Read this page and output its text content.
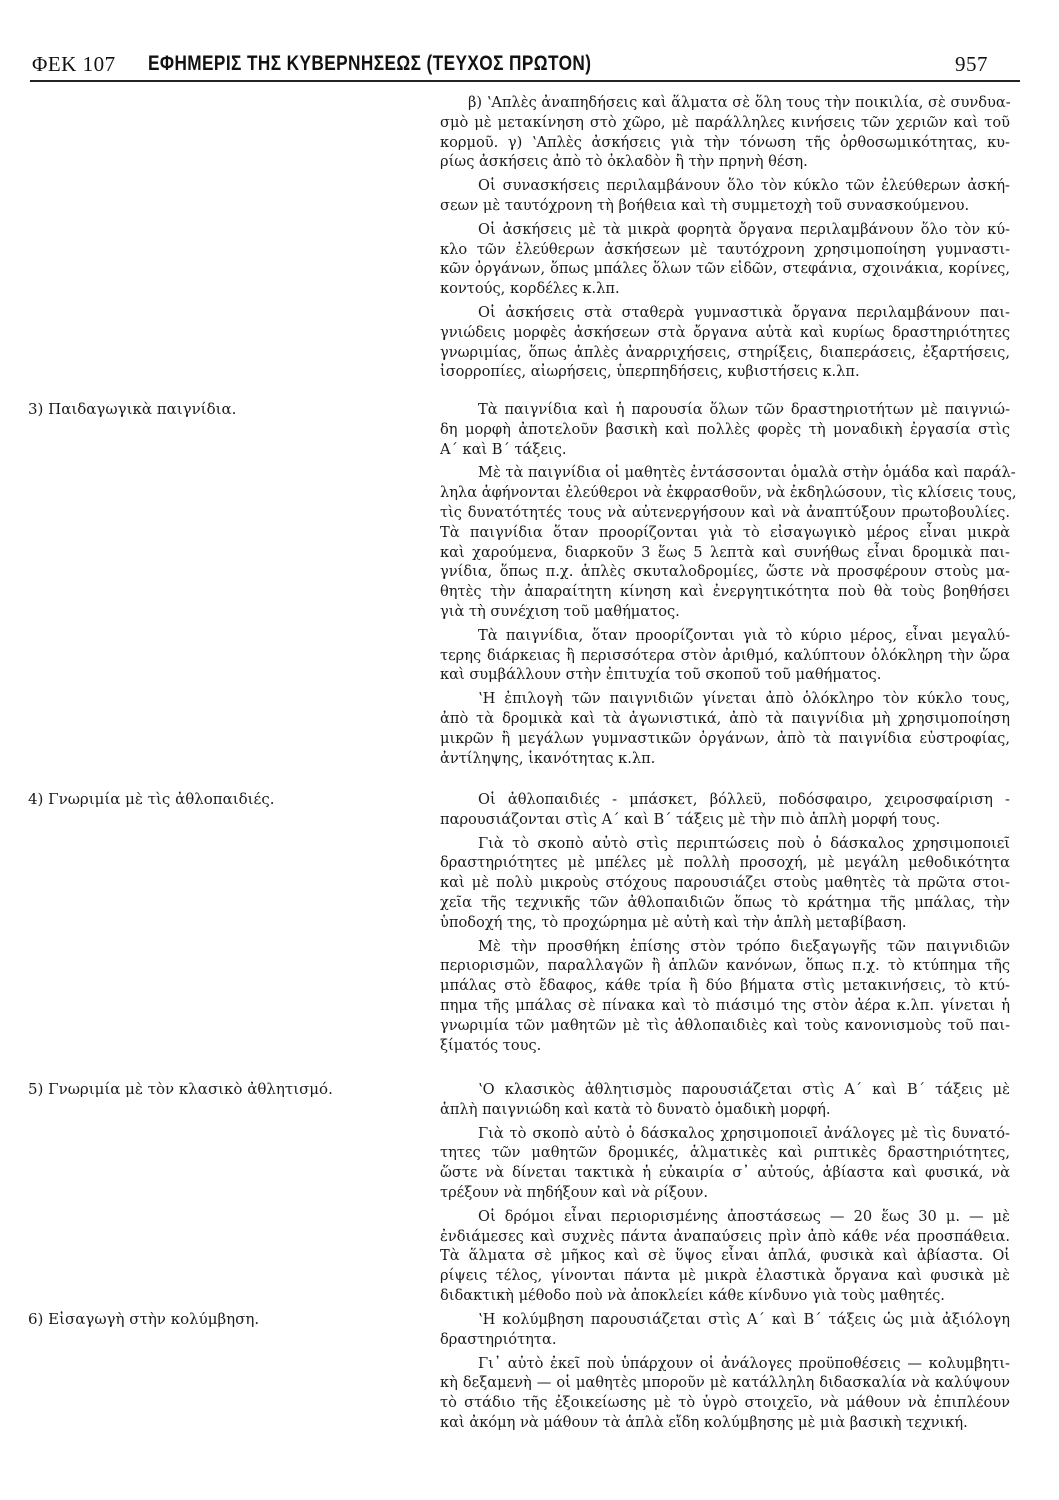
ΦΕΚ 107 ΕΦΗΜΕΡΙΣ ΤΗΣ ΚΥΒΕΡΝΗΣΕΩΣ (ΤΕΥΧΟΣ ΠΡΩΤΟΝ)	957
β) ʽΑπλὲς ἀναπηδήσεις καὶ ἅλματα σὲ ὅλη τους τὴν ποικιλία, σὲ συνδυα-
σμὸ μὲ μετακίνηση στὸ χῶρο, μὲ παράλληλες κινήσεις τῶν χεριῶν καὶ τοῦ
κορμοῦ. γ) ʽΑπλὲς ἀσκήσεις γιὰ τὴν τόνωση τῆς ὀρθοσωμικότητας, κυ-
ρίως ἀσκήσεις ἀπὸ τὸ ὀκλαδὸν ἢ τὴν πρηνὴ θέση.
Οἱ συνασκήσεις περιλαμβάνουν ὅλο τὸν κύκλο τῶν ἐλεύθερων ἀσκή-
σεων μὲ ταυτόχρονη τὴ βοήθεια καὶ τὴ συμμετοχὴ τοῦ συνασκούμενου.
Οἱ ἀσκήσεις μὲ τὰ μικρὰ φορητὰ ὄργανα περιλαμβάνουν ὅλο τὸν κύ-
κλο τῶν ἐλεύθερων ἀσκήσεων μὲ ταυτόχρονη χρησιμοποίηση γυμναστι-
κῶν ὀργάνων, ὅπως μπάλες ὅλων τῶν εἰδῶν, στεφάνια, σχοινάκια, κορίνες,
κοντούς, κορδέλες κ.λπ.
Οἱ ἀσκήσεις στὰ σταθερὰ γυμναστικὰ ὄργανα περιλαμβάνουν παι-
γνιώδεις μορφὲς ἀσκήσεων στὰ ὄργανα αὐτὰ καὶ κυρίως δραστηριότητες
γνωριμίας, ὅπως ἁπλὲς ἀναρριχήσεις, στηρίξεις, διαπεράσεις, ἐξαρτήσεις,
ἰσορροπίες, αἰωρήσεις, ὑπερπηδήσεις, κυβιστήσεις κ.λπ.
3) Παιδαγωγικὰ παιγνίδια.	Τὰ παιγνίδια καὶ ἡ παρουσία ὅλων τῶν δραστηριοτήτων μὲ παιγνιώ-
δη μορφὴ ἀποτελοῦν βασικὴ καὶ πολλὲς φορὲς τὴ μοναδικὴ ἐργασία στὶς
Α΄ καὶ Β΄ τάξεις.
Μὲ τὰ παιγνίδια οἱ μαθητὲς ἐντάσσονται ὁμαλὰ στὴν ὁμάδα καὶ παράλ-
ληλα ἀφήνονται ἐλεύθεροι νὰ ἐκφρασθοῦν, νὰ ἐκδηλώσουν, τὶς κλίσεις τους,
τὶς δυνατότητές τους νὰ αὐτενεργήσουν καὶ νὰ ἀναπτύξουν πρωτοβουλίες.
Τὰ παιγνίδια ὅταν προορίζονται γιὰ τὸ εἰσαγωγικὸ μέρος εἶναι μικρὰ
καὶ χαρούμενα, διαρκοῦν 3 ἕως 5 λεπτὰ καὶ συνήθως εἶναι δρομικὰ παι-
γνίδια, ὅπως π.χ. ἁπλὲς σκυταλοδρομίες, ὥστε νὰ προσφέρουν στοὺς μα-
θητὲς τὴν ἀπαραίτητη κίνηση καὶ ἐνεργητικότητα ποὺ θὰ τοὺς βοηθήσει
γιὰ τὴ συνέχιση τοῦ μαθήματος.
Τὰ παιγνίδια, ὅταν προορίζονται γιὰ τὸ κύριο μέρος, εἶναι μεγαλύ-
τερης διάρκειας ἢ περισσότερα στὸν ἀριθμό, καλύπτουν ὁλόκληρη τὴν ὥρα
καὶ συμβάλλουν στὴν ἐπιτυχία τοῦ σκοποῦ τοῦ μαθήματος.
ʽΗ ἐπιλογὴ τῶν παιγνιδιῶν γίνεται ἀπὸ ὁλόκληρο τὸν κύκλο τους,
ἀπὸ τὰ δρομικὰ καὶ τὰ ἀγωνιστικά, ἀπὸ τὰ παιγνίδια μὴ χρησιμοποίηση
μικρῶν ἢ μεγάλων γυμναστικῶν ὀργάνων, ἀπὸ τὰ παιγνίδια εὐστροφίας,
ἀντίληψης, ἱκανότητας κ.λπ.
4) Γνωριμία μὲ τὶς ἀθλοπαιδιές.	Οἱ ἀθλοπαιδιές - μπάσκετ, βόλλεϋ, ποδόσφαιρο, χειροσφαίριση -
παρουσιάζονται στὶς Α΄ καὶ Β΄ τάξεις μὲ τὴν πιὸ ἁπλὴ μορφή τους.
Γιὰ τὸ σκοπὸ αὐτὸ στὶς περιπτώσεις ποὺ ὁ δάσκαλος χρησιμοποιεῖ
δραστηριότητες μὲ μπέλες μὲ πολλὴ προσοχή, μὲ μεγάλη μεθοδικότητα
καὶ μὲ πολὺ μικροὺς στόχους παρουσιάζει στοὺς μαθητὲς τὰ πρῶτα στοι-
χεῖα τῆς τεχνικῆς τῶν ἀθλοπαιδιῶν ὅπως τὸ κράτημα τῆς μπάλας, τὴν
ὑποδοχή της, τὸ προχώρημα μὲ αὐτὴ καὶ τὴν ἁπλὴ μεταβίβαση.
Μὲ τὴν προσθήκη ἐπίσης στὸν τρόπο διεξαγωγῆς τῶν παιγνιδιῶν
περιορισμῶν, παραλλαγῶν ἢ ἁπλῶν κανόνων, ὅπως π.χ. τὸ κτύπημα τῆς
μπάλας στὸ ἔδαφος, κάθε τρία ἢ δύο βήματα στὶς μετακινήσεις, τὸ κτύ-
πημα τῆς μπάλας σὲ πίνακα καὶ τὸ πιάσιμό της στὸν ἀέρα κ.λπ. γίνεται ἡ
γνωριμία τῶν μαθητῶν μὲ τὶς ἀθλοπαιδιὲς καὶ τοὺς κανονισμοὺς τοῦ παι-
ξίματός τους.
5) Γνωριμία μὲ τὸν κλασικὸ ἀθλητισμό.	ʽΟ κλασικὸς ἀθλητισμὸς παρουσιάζεται στὶς Α΄ καὶ Β΄ τάξεις μὲ
ἁπλὴ παιγνιώδη καὶ κατὰ τὸ δυνατὸ ὁμαδικὴ μορφή.
Γιὰ τὸ σκοπὸ αὐτὸ ὁ δάσκαλος χρησιμοποιεῖ ἀνάλογες μὲ τὶς δυνατό-
τητες τῶν μαθητῶν δρομικές, ἁλματικὲς καὶ ριπτικὲς δραστηριότητες,
ὥστε νὰ δίνεται τακτικὰ ἡ εὐκαιρία σ᾽ αὐτούς, ἀβίαστα καὶ φυσικά, νὰ
τρέξουν νὰ πηδήξουν καὶ νὰ ρίξουν.
Οἱ δρόμοι εἶναι περιορισμένης ἀποστάσεως — 20 ἕως 30 μ. — μὲ
ἐνδιάμεσες καὶ συχνὲς πάντα ἀναπαύσεις πρὶν ἀπὸ κάθε νέα προσπάθεια.
Τὰ ἅλματα σὲ μῆκος καὶ σὲ ὕψος εἶναι ἁπλά, φυσικὰ καὶ ἀβίαστα. Οἱ
ρίψεις τέλος, γίνονται πάντα μὲ μικρὰ ἐλαστικὰ ὄργανα καὶ φυσικὰ μὲ
διδακτικὴ μέθοδο ποὺ νὰ ἀποκλείει κάθε κίνδυνο γιὰ τοὺς μαθητές.
6) Εἰσαγωγὴ στὴν κολύμβηση.	ʽΗ κολύμβηση παρουσιάζεται στὶς Α΄ καὶ Β΄ τάξεις ὡς μιὰ ἀξιόλογη
δραστηριότητα.
Γι᾽ αὐτὸ ἐκεῖ ποὺ ὑπάρχουν οἱ ἀνάλογες προϋποθέσεις — κολυμβητι-
κὴ δεξαμενὴ — οἱ μαθητὲς μποροῦν μὲ κατάλληλη διδασκαλία νὰ καλύψουν
τὸ στάδιο τῆς ἐξοικείωσης μὲ τὸ ὑγρὸ στοιχεῖο, νὰ μάθουν νὰ ἐπιπλέουν
καὶ ἀκόμη νὰ μάθουν τὰ ἁπλὰ εἴδη κολύμβησης μὲ μιὰ βασικὴ τεχνική.
